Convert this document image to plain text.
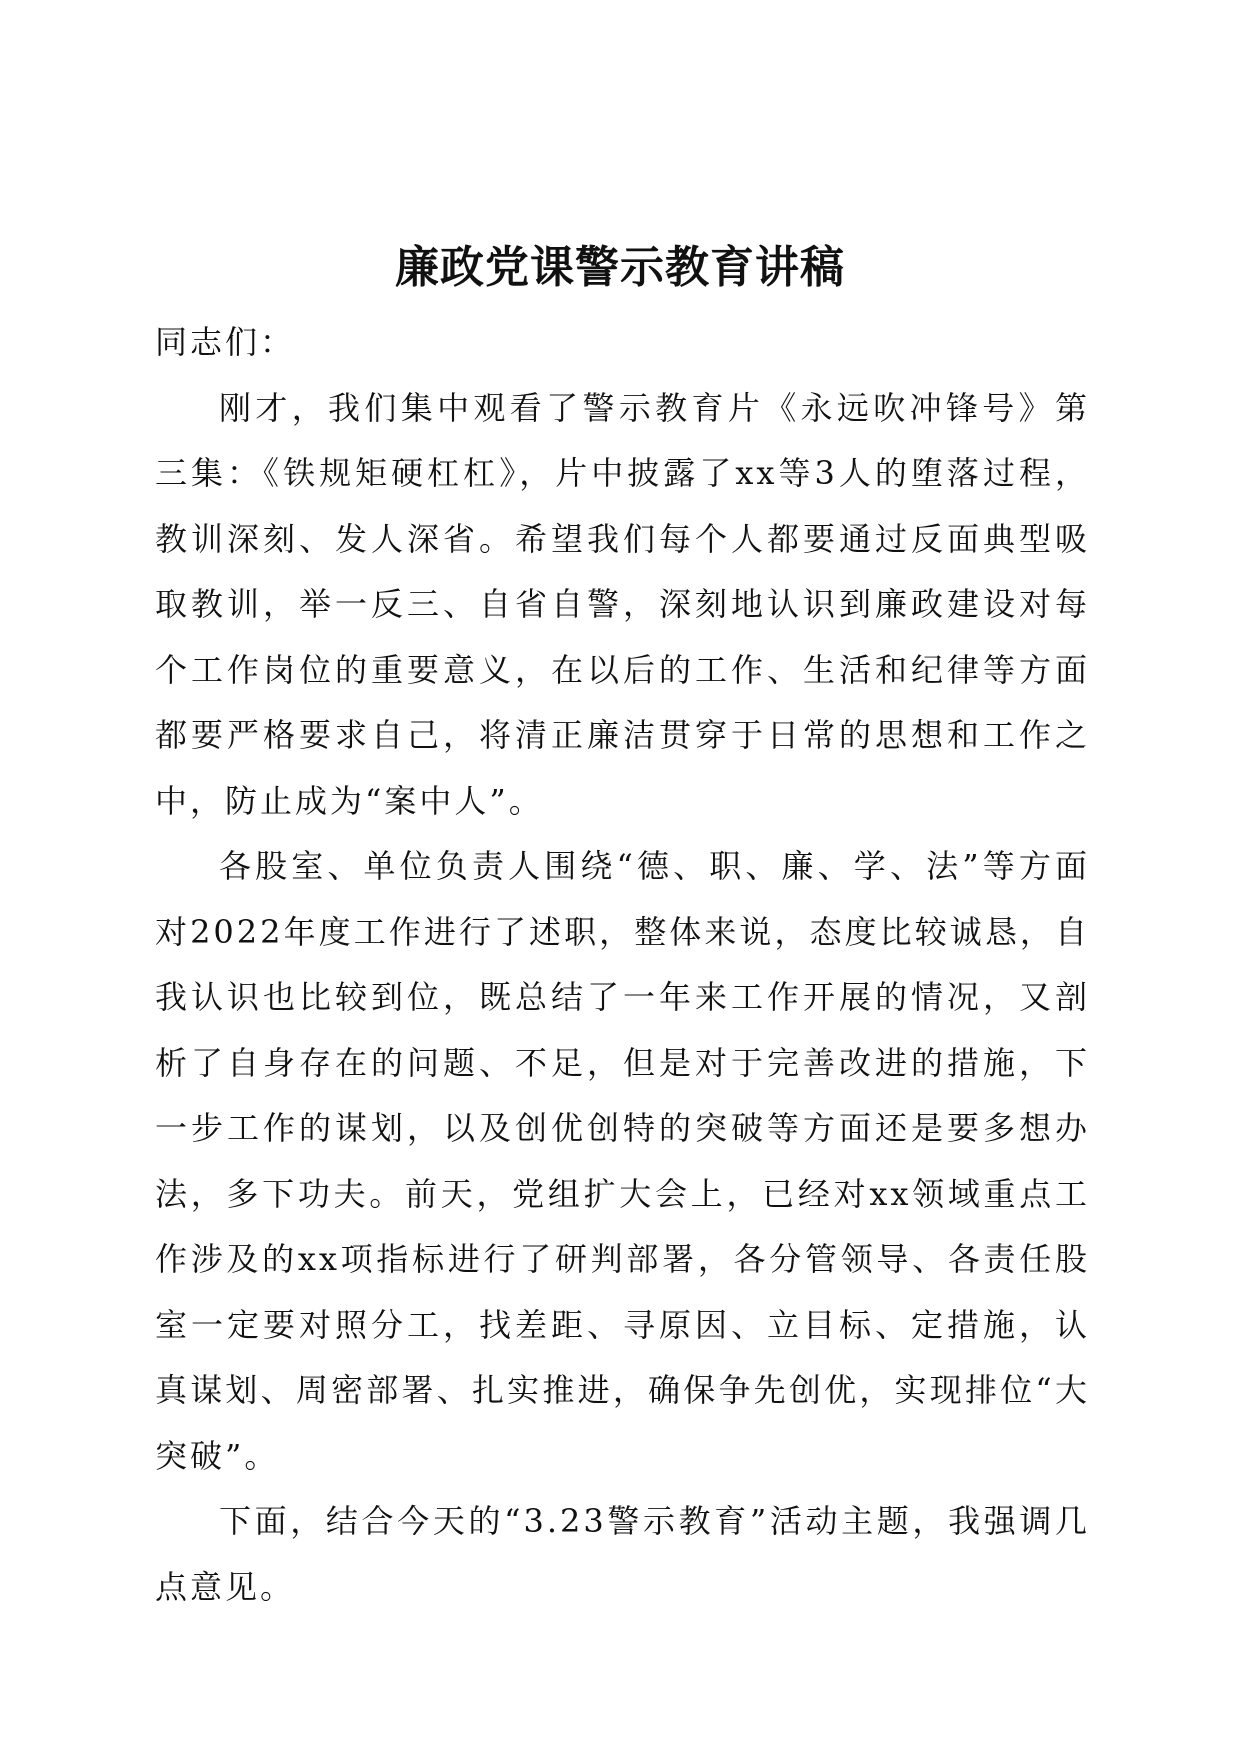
廉政党课警示教育讲稿

同志们：

刚才，我们集中观看了警示教育片《永远吹冲锋号》第三集：《铁规矩硬杠杠》，片中披露了xx等3人的堕落过程，教训深刻、发人深省。希望我们每个人都要通过反面典型吸取教训，举一反三、自省自警，深刻地认识到廉政建设对每个工作岗位的重要意义，在以后的工作、生活和纪律等方面都要严格要求自己，将清正廉洁贯穿于日常的思想和工作之中，防止成为“案中人”。

各股室、单位负责人围绕“德、职、廉、学、法”等方面对2022年度工作进行了述职，整体来说，态度比较诚恳，自我认识也比较到位，既总结了一年来工作开展的情况，又剖析了自身存在的问题、不足，但是对于完善改进的措施，下一步工作的谋划，以及创优创特的突破等方面还是要多想办法，多下功夫。前天，党组扩大会上，已经对xx领域重点工作涉及的xx项指标进行了研判部署，各分管领导、各责任股室一定要对照分工，找差距、寻原因、立目标、定措施，认真谋划、周密部署、扎实推进，确保争先创优，实现排位“大突破”。

下面，结合今天的“3.23警示教育”活动主题，我强调几点意见。
